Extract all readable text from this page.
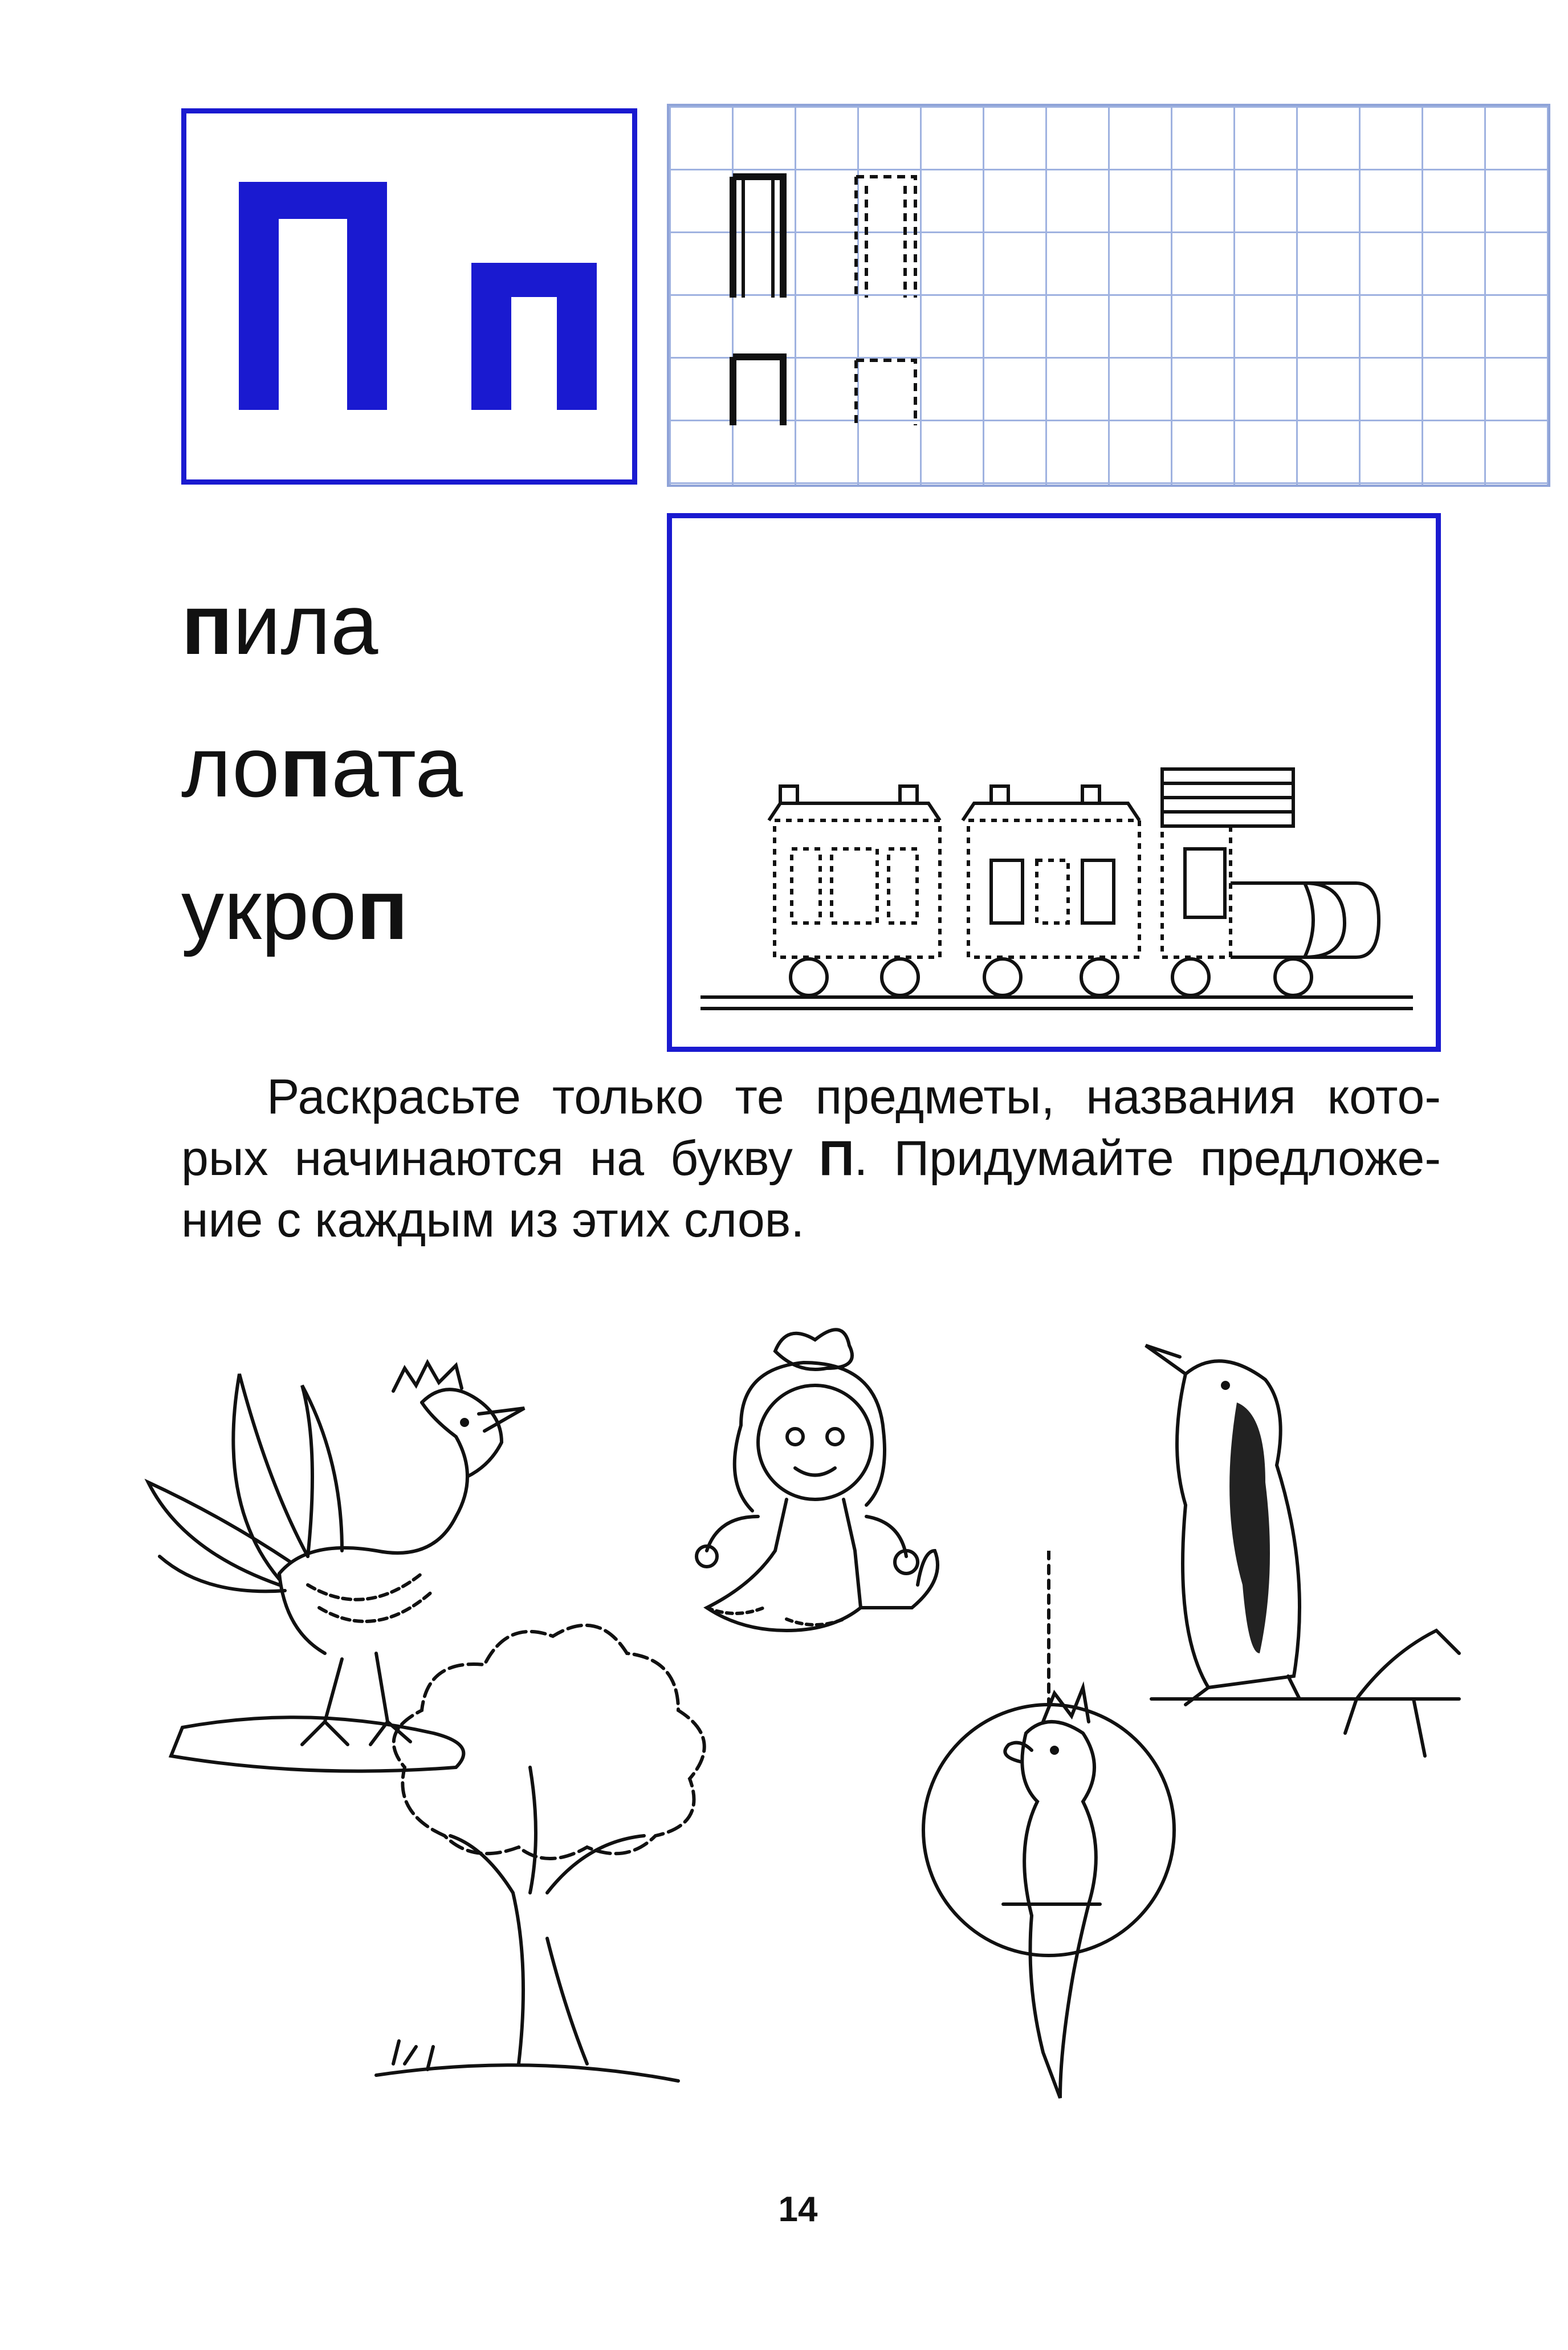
пила
лопата
укроп

Раскрасьте только те предметы, названия кото-

рых начинаются на букву П. Придумайте предложе-

ние с каждым из этих слов.

14
